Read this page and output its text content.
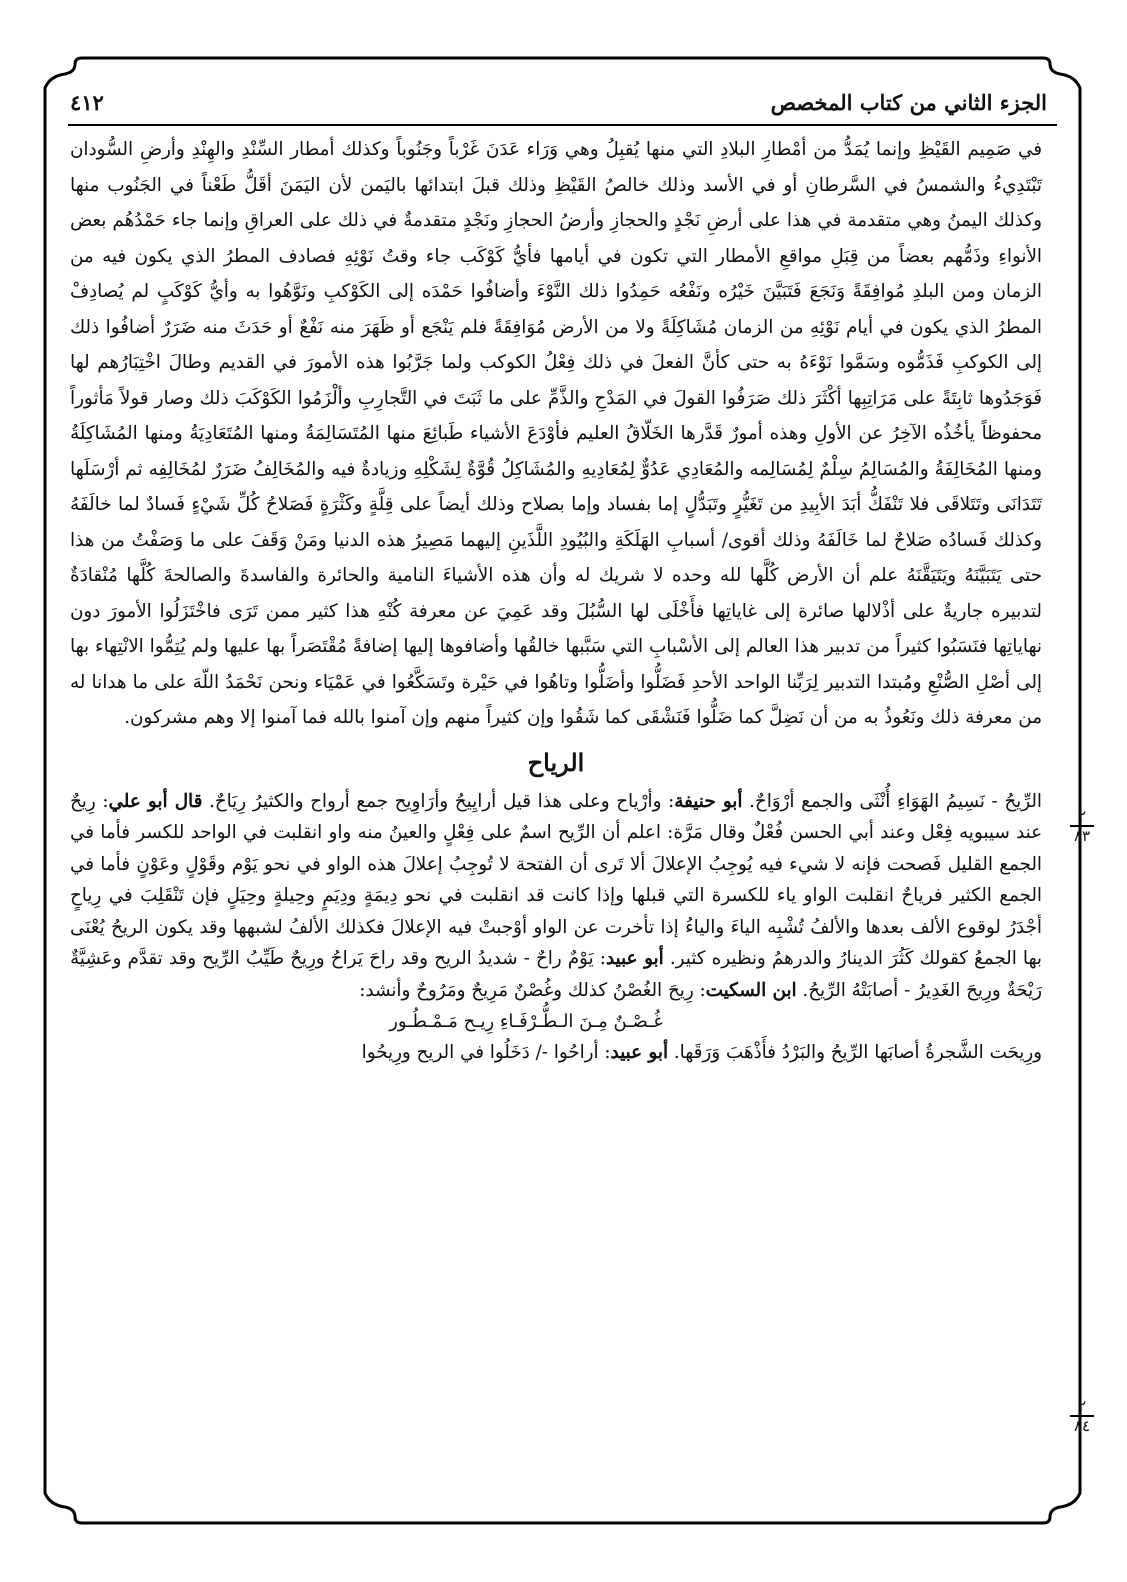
الجزء الثاني من كتاب المخصص
٤١٢

في صَمِيم القَيْظِ وإنما يُمَدُّ من أمْطارِ البلادِ التي منها يُقبِلُ وهي وَرَاء عَدَنَ غَرْباً وجَنُوباً وكذلك أمطار السِّنْدِ والهِنْدِ وأرضِ السُّودان تَبْتَدِيءُ والشمسُ في السَّرطانِ أو في الأسد وذلك خالصُ القَيْظِ وذلك قبلَ ابتدائها باليَمن لأن اليَمَنَ أقَلُّ طَعْناً في الجَنُوب منها وكذلك اليمنُ وهي متقدمة في هذا على أرضِ نَجْدٍ والحجازِ وأرضُ الحجازِ ونَجْدٍ متقدمةٌ في ذلك على العراقِ وإنما جاء حَمْدُهُم بعض الأنواءِ وذَمُّهم بعضاً من قِبَلِ مواقعِ الأمطار التي تكون في أيامها فأيُّ كَوْكَب جاء وقتُ نَوْئِهِ فصادف المطرُ الذي يكون فيه من الزمان ومن البلدِ مُوافِقَةً وَنَجَعَ فَتَبَيَّنَ خَيْرُه ونَفْعُه حَمِدُوا ذلك النَّوْءَ وأضافُوا حَمْدَه إلى الكَوْكبِ ونَوَّهُوا به وأيُّ كَوْكَبٍ لم يُصادِفْ المطرُ الذي يكون في أيام نَوْئِهِ من الزمان مُشَاكِلَةً ولا من الأرض مُوَافِقَةً فلم يَنْجَع أو ظَهَرَ منه نَفْعٌ أو حَدَثَ منه ضَرَرٌ أضافُوا ذلك إلى الكوكبِ فَذَمُّوه وسَمَّوا نَوْءَهُ به حتى كأنَّ الفعلَ في ذلك فِعْلُ الكوكب ولما جَرَّبُوا هذه الأمورَ في القديم وطالَ اخْتِبَارُهم لها فَوَجَدُوها ثابِتَةً على مَرَاتِبِها أكْثَرَ ذلك صَرَفُوا القولَ في المَدْحِ والذَّمِّ على ما ثَبَتَ في التَّجارِبِ وألْزَمُوا الكَوْكَبَ ذلك وصار قولاً مَأثوراً محفوظاً يأخُذُه الآخِرُ عن الأولِ وهذه أمورٌ قَدَّرها الخَلّاقُ العليم فأوْدَعَ الأشياء طَبائِعَ منها المُتَسَالِمَةُ ومنها المُتَعَادِيَةُ ومنها المُشَاكِلَةُ ومنها المُخَالِفَةُ والمُسَالِمُ سِلْمٌ لِمُسَالِمه والمُعَادِي عَدُوٌّ لِمُعَادِيهِ والمُشَاكِلُ قُوَّةٌ لِشَكْلِهِ وزيادةٌ فيه والمُخَالِفُ ضَرَرٌ لمُخَالِفِه ثم أرْسَلَها تَتَدَانَى وتَتَلاقَى فلا تَنْفَكُّ أبَدَ الأبِيدِ من تَغَيُّرٍ وتَبَدُّلٍ إما بفساد وإما بصلاح وذلك أيضاً على قِلَّةٍ وكَثْرَةٍ فَصَلاحُ كُلِّ شَيْءٍ فَسادٌ لما خالَفَهُ وكذلك فَسادُه صَلاحٌ لما خَالَفَهُ وذلك أقوى/ أسبابِ الهَلَكَةِ والبُيُودِ اللَّذَينِ إليهما مَصِيرُ هذه الدنيا ومَنْ وَقَفَ على ما وَصَفْتُ من هذا حتى يَتَبَيَّنَهُ ويَتَيَقَّنَهُ علم أن الأرض كُلَّها لله وحده لا شريك له وأن هذه الأشياءَ النامية والحائرة والفاسدةَ والصالحةَ كُلَّها مُنْقادَةٌ لتدبيره جاريةٌ على أذْلالها صائرة إلى غاياتِها فأَخْلَى لها السُّبُلَ وقد عَمِيَ عن معرفة كُنْهِ هذا كثير ممن تَرَى فاخْتَزَلُوا الأمورَ دون نهاياتِها فنَسَبُوا كثيراً من تدبير هذا العالم إلى الأسْبابِ التي سَبَّبها خالقُها وأضافوها إليها إضافةً مُقْتَصَراً بها عليها ولم يُتِمُّوا الانْتِهاء بها إلى أصْلِ الصُّنْعِ ومُبتدا التدبير لِرَبِّنا الواحد الأحدِ فَضَلُّوا وأضَلُّوا وتاهُوا في حَيْرة وتَسَكَّعُوا في عَمْيَاء ونحن نَحْمَدُ اللّهَ على ما هدانا له من معرفة ذلك ونَعُوذُ به من أن نَضِلَّ كما ضَلُّوا فَنَشْقَى كما شَقُوا وإن كثيراً منهم وإن آمنوا بالله فما آمنوا إلا وهم مشركون.

الرياح

الرِّيحُ - نَسِيمُ الهَوَاءِ أُنْثَى والجمع أرْوَاحٌ. أبو حنيفة: وأرْياح وعلى هذا قيل أرايِيحُ وأرَاوِيح جمع أرواح والكثيرُ رِيَاحٌ. قال أبو علي: رِيحٌ عند سيبويه فِعْل وعند أبي الحسن فُعْلٌ وقال مَرَّة: اعلم أن الرِّيح اسمٌ على فِعْلٍ والعينُ منه واو انقلبت في الواحد للكسر فأما في الجمع القليل فَصحت فإنه لا شيء فيه يُوجِبُ الإعلالَ ألا تَرى أن الفتحة لا تُوجِبُ إعلالَ هذه الواو في نحو يَوْم وقَوْلٍ وعَوْنٍ فأما في الجمع الكثير فرياحٌ انقلبت الواو ياء للكسرة التي قبلها وإذا كانت قد انقلبت في نحو دِيمَةٍ ودِيَمٍ وحِيلةٍ وحِيَلٍ فإن تَنْقَلِبَ في رِياحٍ أجْدَرُ لوقوع الألف بعدها والألفُ تُشْبِه الياءَ والياءُ إذا تأخرت عن الواو أوْجبتْ فيه الإعلالَ فكذلك الألفُ لشبهها وقد يكون الريحُ يُعْنَى بها الجمعُ كقولك كَثُرَ الدينارُ والدرهمُ ونظيره كثير. أبو عبيد: يَوْمٌ راحٌ - شديدُ الريح وقد راحَ يَراحُ ورِيحٌ طَيِّبُ الرِّيح وقد تقدَّم وعَشِيَّةٌ رَيْحَةٌ ورِيحَ الغَدِيرُ - أصابَتْهُ الرِّيحُ. ابن السكيت: رِيحَ الغُصْنُ كذلك وغُصْنٌ مَرِيحٌ ومَرُوحٌ وأنشد:

غُـصْـنٌ مِـنَ الـطُّـرْفَـاءِ رِيـح مَـمْـطُـور

ورِيحَت الشَّجرةُ أصابَها الرِّيحُ والبَرْدُ فأَذْهَبَ وَرَقَها. أبو عبيد: أراحُوا -/ دَخَلُوا في الريح ورِيحُوا

٢
٨٣
٢
٨٤
